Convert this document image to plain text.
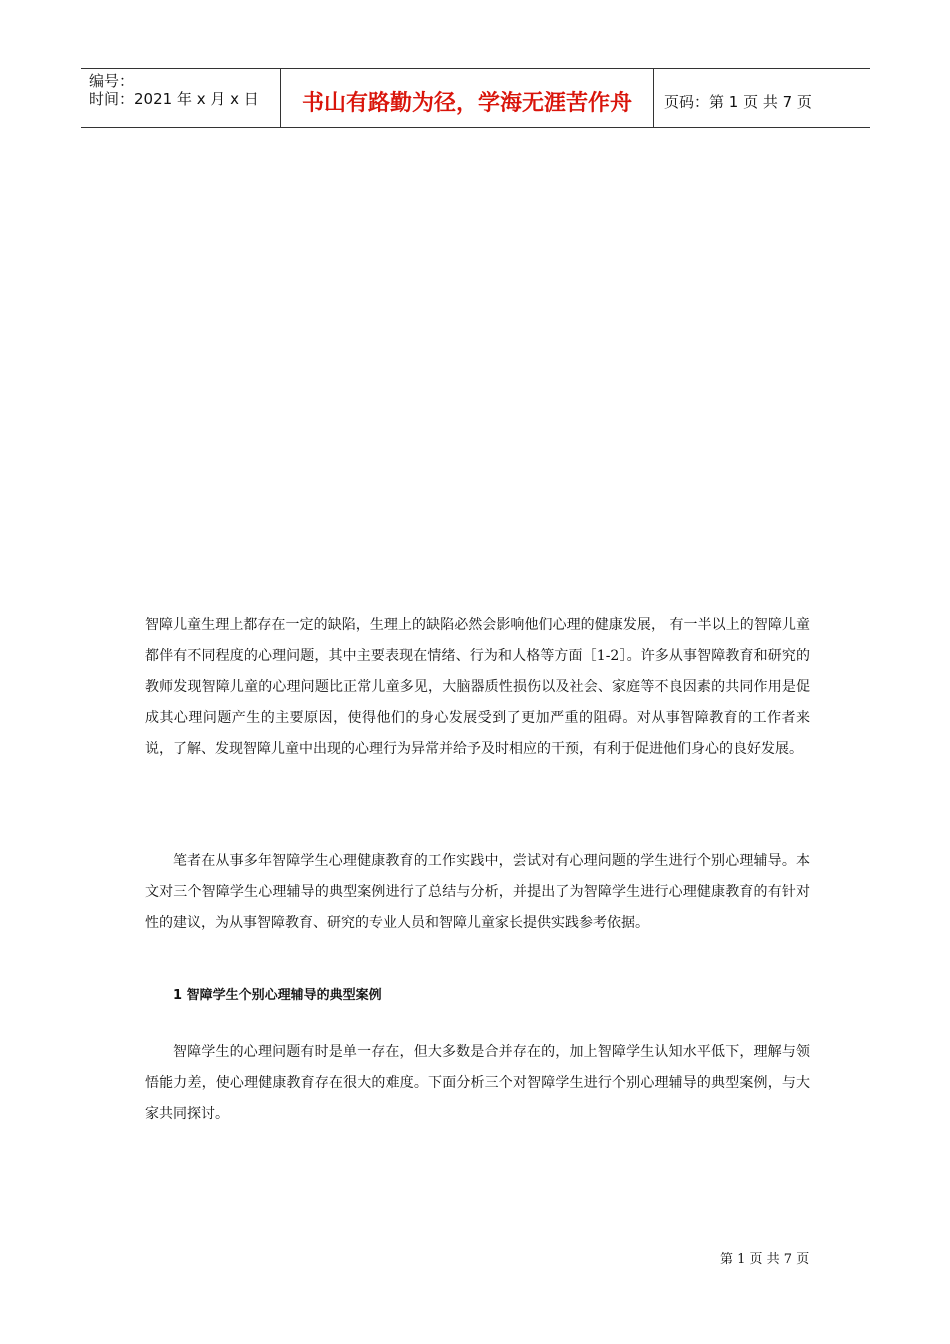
编号：
时间：2021 年 x 月 x 日	书山有路勤为径，学海无涯苦作舟	页码：第 1 页 共 7 页
智障儿童生理上都存在一定的缺陷，生理上的缺陷必然会影响他们心理的健康发展， 有一半以上的智障儿童都伴有不同程度的心理问题，其中主要表现在情绪、行为和人格等方面［1-2］。许多从事智障教育和研究的教师发现智障儿童的心理问题比正常儿童多见，大脑器质性损伤以及社会、家庭等不良因素的共同作用是促成其心理问题产生的主要原因，使得他们的身心发展受到了更加严重的阻碍。对从事智障教育的工作者来说，了解、发现智障儿童中出现的心理行为异常并给予及时相应的干预，有利于促进他们身心的良好发展。
笔者在从事多年智障学生心理健康教育的工作实践中，尝试对有心理问题的学生进行个别心理辅导。本文对三个智障学生心理辅导的典型案例进行了总结与分析，并提出了为智障学生进行心理健康教育的有针对性的建议，为从事智障教育、研究的专业人员和智障儿童家长提供实践参考依据。
1 智障学生个别心理辅导的典型案例
智障学生的心理问题有时是单一存在，但大多数是合并存在的，加上智障学生认知水平低下，理解与领悟能力差，使心理健康教育存在很大的难度。下面分析三个对智障学生进行个别心理辅导的典型案例，与大家共同探讨。
第 1 页 共 7 页
